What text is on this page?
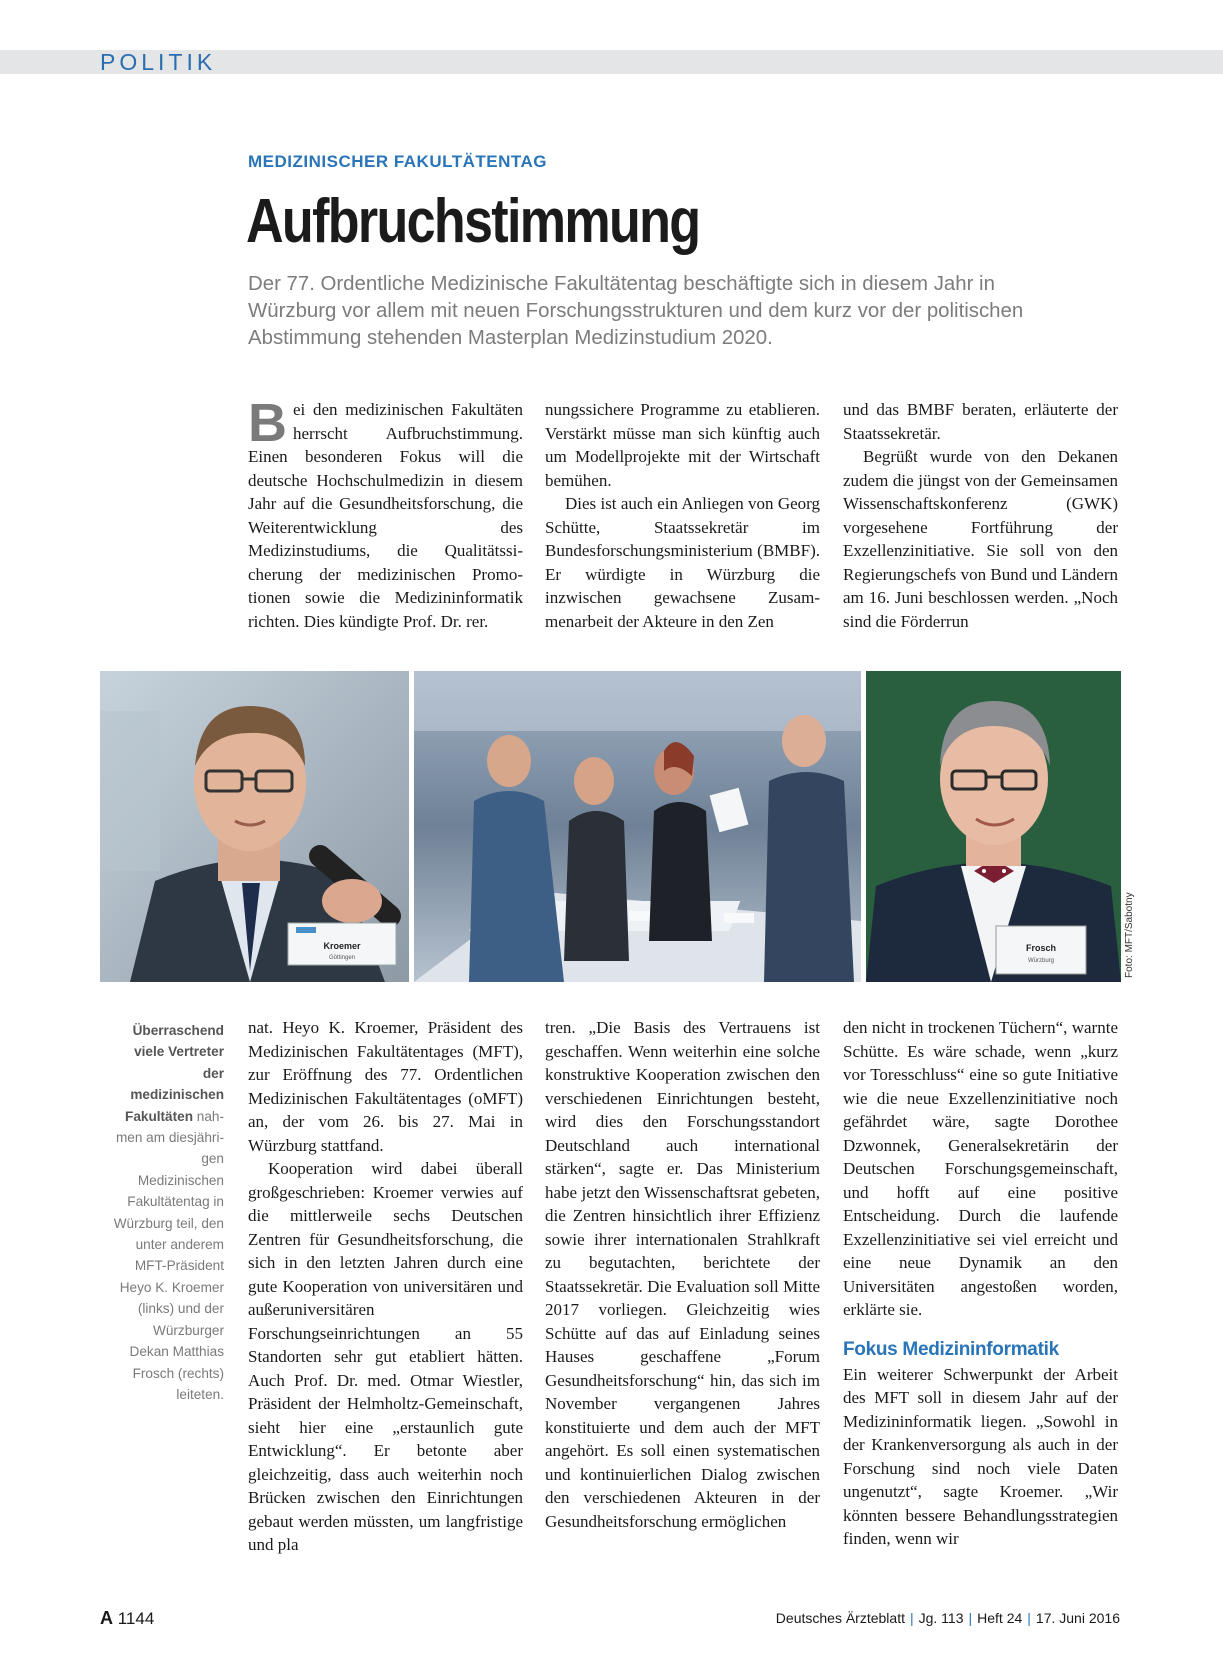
POLITIK
MEDIZINISCHER FAKULTÄTENTAG
Aufbruchstimmung
Der 77. Ordentliche Medizinische Fakultätentag beschäftigte sich in diesem Jahr in Würzburg vor allem mit neuen Forschungsstrukturen und dem kurz vor der politischen Abstimmung stehenden Masterplan Medizinstudium 2020.

Bei den medizinischen Fakultäten herrscht Aufbruchstimmung. Einen besonderen Fokus will die deutsche Hochschulmedizin in diesem Jahr auf die Gesundheitsforschung, die Weiterentwicklung des Medizinstudiums, die Qualitätssicherung der medizinischen Promotionen sowie die Medizininformatik richten. Dies kündigte Prof. Dr. rer.

nungssichere Programme zu etablieren. Verstärkt müsse man sich künftig auch um Modellprojekte mit der Wirtschaft bemühen.

Dies ist auch ein Anliegen von Georg Schütte, Staatssekretär im Bundesforschungsministerium (BMBF). Er würdigte in Würzburg die inzwischen gewachsene Zusammenarbeit der Akteure in den Zen

und das BMBF beraten, erläuterte der Staatssekretär.

Begrüßt wurde von den Dekanen zudem die jüngst von der Gemeinsamen Wissenschaftskonferenz (GWK) vorgesehene Fortführung der Exzellenzinitiative. Sie soll von den Regierungschefs von Bund und Ländern am 16. Juni beschlossen werden. „Noch sind die Förderrun

Kroemer
Göttingen
Frosch
Würzburg	Foto: MFT/Sabotny
Überraschend viele Vertreter der medizinischen Fakultäten nahmen am diesjährigen Medizinischen Fakultätentag in Würzburg teil, den unter anderem MFT-Präsident Heyo K. Kroemer (links) und der Würzburger Dekan Matthias Frosch (rechts) leiteten.

nat. Heyo K. Kroemer, Präsident des Medizinischen Fakultätentages (MFT), zur Eröffnung des 77. Ordentlichen Medizinischen Fakultätentages (oMFT) an, der vom 26. bis 27. Mai in Würzburg stattfand.

Kooperation wird dabei überall großgeschrieben: Kroemer verwies auf die mittlerweile sechs Deutschen Zentren für Gesundheitsforschung, die sich in den letzten Jahren durch eine gute Kooperation von universitären und außeruniversitären Forschungseinrichtungen an 55 Standorten sehr gut etabliert hätten. Auch Prof. Dr. med. Otmar Wiestler, Präsident der Helmholtz-Gemeinschaft, sieht hier eine „erstaunlich gute Entwicklung“. Er betonte aber gleichzeitig, dass auch weiterhin noch Brücken zwischen den Einrichtungen gebaut werden müssten, um langfristige und pla

tren. „Die Basis des Vertrauens ist geschaffen. Wenn weiterhin eine solche konstruktive Kooperation zwischen den verschiedenen Einrichtungen besteht, wird dies den Forschungsstandort Deutschland auch international stärken“, sagte er. Das Ministerium habe jetzt den Wissenschaftsrat gebeten, die Zentren hinsichtlich ihrer Effizienz sowie ihrer internationalen Strahlkraft zu begutachten, berichtete der Staatssekretär. Die Evaluation soll Mitte 2017 vorliegen. Gleichzeitig wies Schütte auf das auf Einladung seines Hauses geschaffene „Forum Gesundheitsforschung“ hin, das sich im November vergangenen Jahres konstituierte und dem auch der MFT angehört. Es soll einen systematischen und kontinuierlichen Dialog zwischen den verschiedenen Akteuren in der Gesundheitsforschung ermöglichen

den nicht in trockenen Tüchern“, warnte Schütte. Es wäre schade, wenn „kurz vor Toresschluss“ eine so gute Initiative wie die neue Exzellenzinitiative noch gefährdet wäre, sagte Dorothee Dzwonnek, Generalsekretärin der Deutschen Forschungsgemeinschaft, und hofft auf eine positive Entscheidung. Durch die laufende Exzellenzinitiative sei viel erreicht und eine neue Dynamik an den Universitäten angestoßen worden, erklärte sie.

Fokus Medizininformatik

Ein weiterer Schwerpunkt der Arbeit des MFT soll in diesem Jahr auf der Medizininformatik liegen. „Sowohl in der Krankenversorgung als auch in der Forschung sind noch viele Daten ungenutzt“, sagte Kroemer. „Wir könnten bessere Behandlungsstrategien finden, wenn wir

A 1144	Deutsches Ärzteblatt | Jg. 113 | Heft 24 | 17. Juni 2016
